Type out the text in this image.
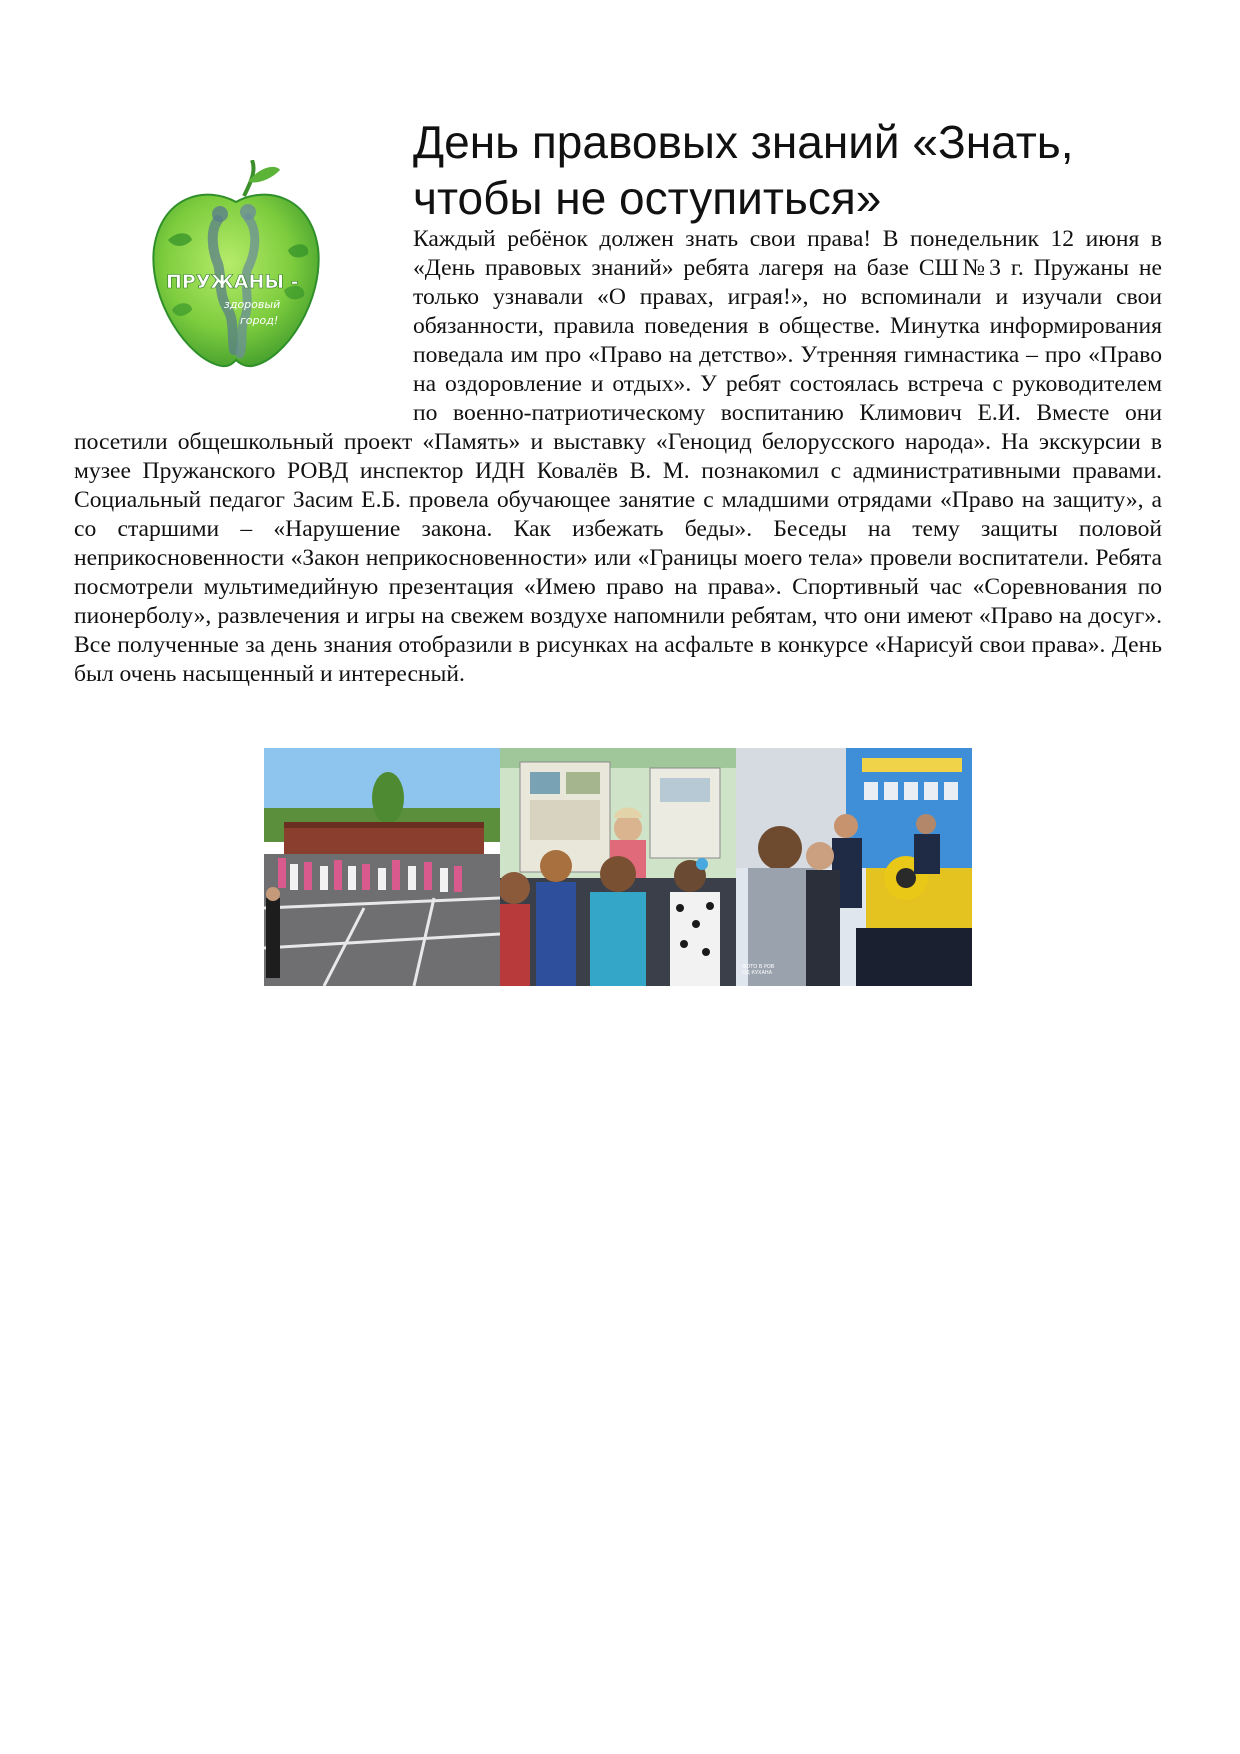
ПРУЖАНЫ -
здоровый
город!
День правовых знаний «Знать, чтобы не оступиться»

Каждый ребёнок должен знать свои права! В понедельник 12 июня в «День правовых знаний» ребята лагеря на базе СШ№3 г. Пружаны не только узнавали «О правах, играя!», но вспоминали и изучали свои обязанности, правила поведения в обществе. Минутка информирования поведала им про «Право на детство». Утренняя гимнастика – про «Право на оздоровление и отдых». У ребят состоялась встреча с руководителем по военно-патриотическому воспитанию Климович Е.И. Вместе они посетили общешкольный проект «Память» и выставку «Геноцид белорусского народа». На экскурсии в музее Пружанского РОВД инспектор ИДН Ковалёв В. М. познакомил с административными правами. Социальный педагог Засим Е.Б. провела обучающее занятие с младшими отрядами «Право на защиту», а со старшими – «Нарушение закона. Как избежать беды». Беседы на тему защиты половой неприкосновенности «Закон неприкосновенности» или «Границы моего тела» провели воспитатели. Ребята посмотрели мультимедийную презентация «Имею право на права». Спортивный час «Соревнования по пионерболу», развлечения и игры на свежем воздухе напомнили ребятам, что они имеют «Право на досуг». Все полученные за день знания отобразили в рисунках на асфальте в конкурсе «Нарисуй свои права». День был очень насыщенный и интересный.

ФОТО В РОВ
ОД КУХАНА
